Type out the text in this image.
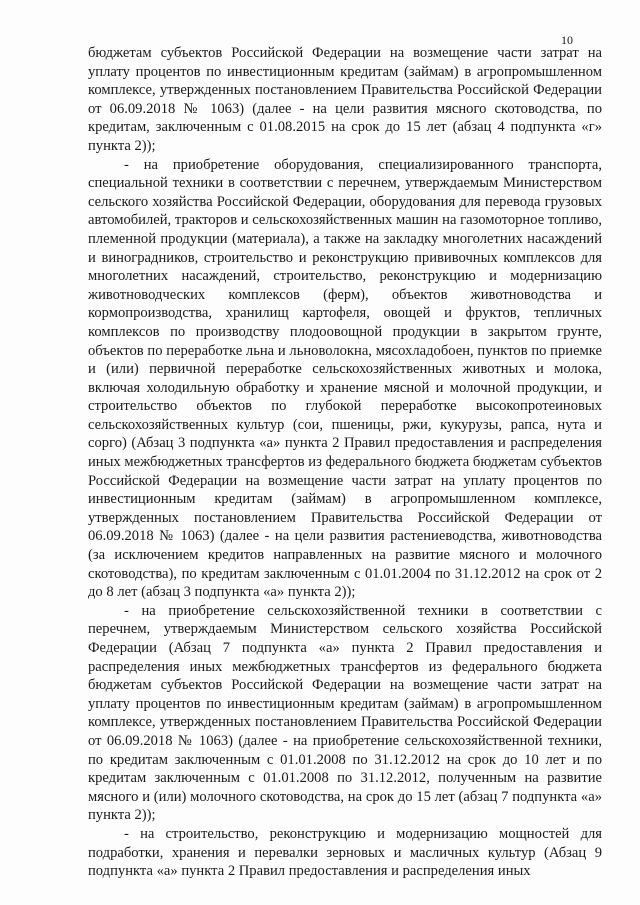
10

бюджетам субъектов Российской Федерации на возмещение части затрат на уплату процентов по инвестиционным кредитам (займам) в агропромышленном комплексе, утвержденных постановлением Правительства Российской Федерации от 06.09.2018 № 1063) (далее - на цели развития мясного скотоводства, по кредитам, заключенным с 01.08.2015 на срок до 15 лет (абзац 4 подпункта «г» пункта 2));

- на приобретение оборудования, специализированного транспорта, специальной техники в соответствии с перечнем, утверждаемым Министерством сельского хозяйства Российской Федерации, оборудования для перевода грузовых автомобилей, тракторов и сельскохозяйственных машин на газомоторное топливо, племенной продукции (материала), а также на закладку многолетних насаждений и виноградников, строительство и реконструкцию прививочных комплексов для многолетних насаждений, строительство, реконструкцию и модернизацию животноводческих комплексов (ферм), объектов животноводства и кормопроизводства, хранилищ картофеля, овощей и фруктов, тепличных комплексов по производству плодоовощной продукции в закрытом грунте, объектов по переработке льна и льноволокна, мясохладобоен, пунктов по приемке и (или) первичной переработке сельскохозяйственных животных и молока, включая холодильную обработку и хранение мясной и молочной продукции, и строительство объектов по глубокой переработке высокопротеиновых сельскохозяйственных культур (сои, пшеницы, ржи, кукурузы, рапса, нута и сорго) (Абзац 3 подпункта «а» пункта 2 Правил предоставления и распределения иных межбюджетных трансфертов из федерального бюджета бюджетам субъектов Российской Федерации на возмещение части затрат на уплату процентов по инвестиционным кредитам (займам) в агропромышленном комплексе, утвержденных постановлением Правительства Российской Федерации от 06.09.2018 № 1063) (далее - на цели развития растениеводства, животноводства (за исключением кредитов направленных на развитие мясного и молочного скотоводства), по кредитам заключенным с 01.01.2004 по 31.12.2012 на срок от 2 до 8 лет (абзац 3 подпункта «а» пункта 2));

- на приобретение сельскохозяйственной техники в соответствии с перечнем, утверждаемым Министерством сельского хозяйства Российской Федерации (Абзац 7 подпункта «а» пункта 2 Правил предоставления и распределения иных межбюджетных трансфертов из федерального бюджета бюджетам субъектов Российской Федерации на возмещение части затрат на уплату процентов по инвестиционным кредитам (займам) в агропромышленном комплексе, утвержденных постановлением Правительства Российской Федерации от 06.09.2018 № 1063) (далее - на приобретение сельскохозяйственной техники, по кредитам заключенным с 01.01.2008 по 31.12.2012 на срок до 10 лет и по кредитам заключенным с 01.01.2008 по 31.12.2012, полученным на развитие мясного и (или) молочного скотоводства, на срок до 15 лет (абзац 7 подпункта «а» пункта 2));

- на строительство, реконструкцию и модернизацию мощностей для подработки, хранения и перевалки зерновых и масличных культур (Абзац 9 подпункта «а» пункта 2 Правил предоставления и распределения иных
